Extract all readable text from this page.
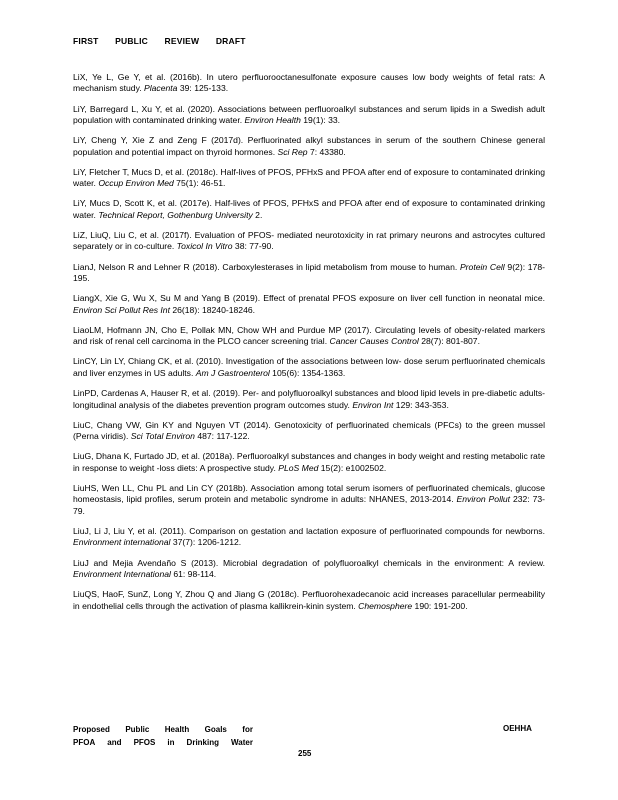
FIRST PUBLIC REVIEW DRAFT

LiX, Ye L, Ge Y, et al. (2016b). In utero perfluorooctanesulfonate exposure causes low body weights of fetal rats: A mechanism study. Placenta 39: 125-133.

LiY, Barregard L, Xu Y, et al. (2020). Associations between perfluoroalkyl substances and serum lipids in a Swedish adult population with contaminated drinking water. Environ Health 19(1): 33.

LiY, Cheng Y, Xie Z and Zeng F (2017d). Perfluorinated alkyl substances in serum of the southern Chinese general population and potential impact on thyroid hormones. Sci Rep 7: 43380.

LiY, Fletcher T, Mucs D, et al. (2018c). Half-lives of PFOS, PFHxS and PFOA after end of exposure to contaminated drinking water. Occup Environ Med 75(1): 46-51.

LiY, Mucs D, Scott K, et al. (2017e). Half-lives of PFOS, PFHxS and PFOA after end of exposure to contaminated drinking water. Technical Report, Gothenburg University 2.

LiZ, LiuQ, Liu C, et al. (2017f). Evaluation of PFOS- mediated neurotoxicity in rat primary neurons and astrocytes cultured separately or in co-culture. Toxicol In Vitro 38: 77-90.

LianJ, Nelson R and Lehner R (2018). Carboxylesterases in lipid metabolism from mouse to human. Protein Cell 9(2): 178-195.

LiangX, Xie G, Wu X, Su M and Yang B (2019). Effect of prenatal PFOS exposure on liver cell function in neonatal mice. Environ Sci Pollut Res Int 26(18): 18240-18246.

LiaoLM, Hofmann JN, Cho E, Pollak MN, Chow WH and Purdue MP (2017). Circulating levels of obesity-related markers and risk of renal cell carcinoma in the PLCO cancer screening trial. Cancer Causes Control 28(7): 801-807.

LinCY, Lin LY, Chiang CK, et al. (2010). Investigation of the associations between low- dose serum perfluorinated chemicals and liver enzymes in US adults. Am J Gastroenterol 105(6): 1354-1363.

LinPD, Cardenas A, Hauser R, et al. (2019). Per- and polyfluoroalkyl substances and blood lipid levels in pre-diabetic adults-longitudinal analysis of the diabetes prevention program outcomes study. Environ Int 129: 343-353.

LiuC, Chang VW, Gin KY and Nguyen VT (2014). Genotoxicity of perfluorinated chemicals (PFCs) to the green mussel (Perna viridis). Sci Total Environ 487: 117-122.

LiuG, Dhana K, Furtado JD, et al. (2018a). Perfluoroalkyl substances and changes in body weight and resting metabolic rate in response to weight -loss diets: A prospective study. PLoS Med 15(2): e1002502.

LiuHS, Wen LL, Chu PL and Lin CY (2018b). Association among total serum isomers of perfluorinated chemicals, glucose homeostasis, lipid profiles, serum protein and metabolic syndrome in adults: NHANES, 2013-2014. Environ Pollut 232: 73-79.

LiuJ, Li J, Liu Y, et al. (2011). Comparison on gestation and lactation exposure of perfluorinated compounds for newborns. Environment international 37(7): 1206-1212.

LiuJ and Mejia Avendaño S (2013). Microbial degradation of polyfluoroalkyl chemicals in the environment: A review. Environment International 61: 98-114.

LiuQS, HaoF, SunZ, Long Y, Zhou Q and Jiang G (2018c). Perfluorohexadecanoic acid increases paracellular permeability in endothelial cells through the activation of plasma kallikrein-kinin system. Chemosphere 190: 191-200.

Proposed Public Health Goals for
PFOA and PFOS in Drinking Water
OEHHA
255
